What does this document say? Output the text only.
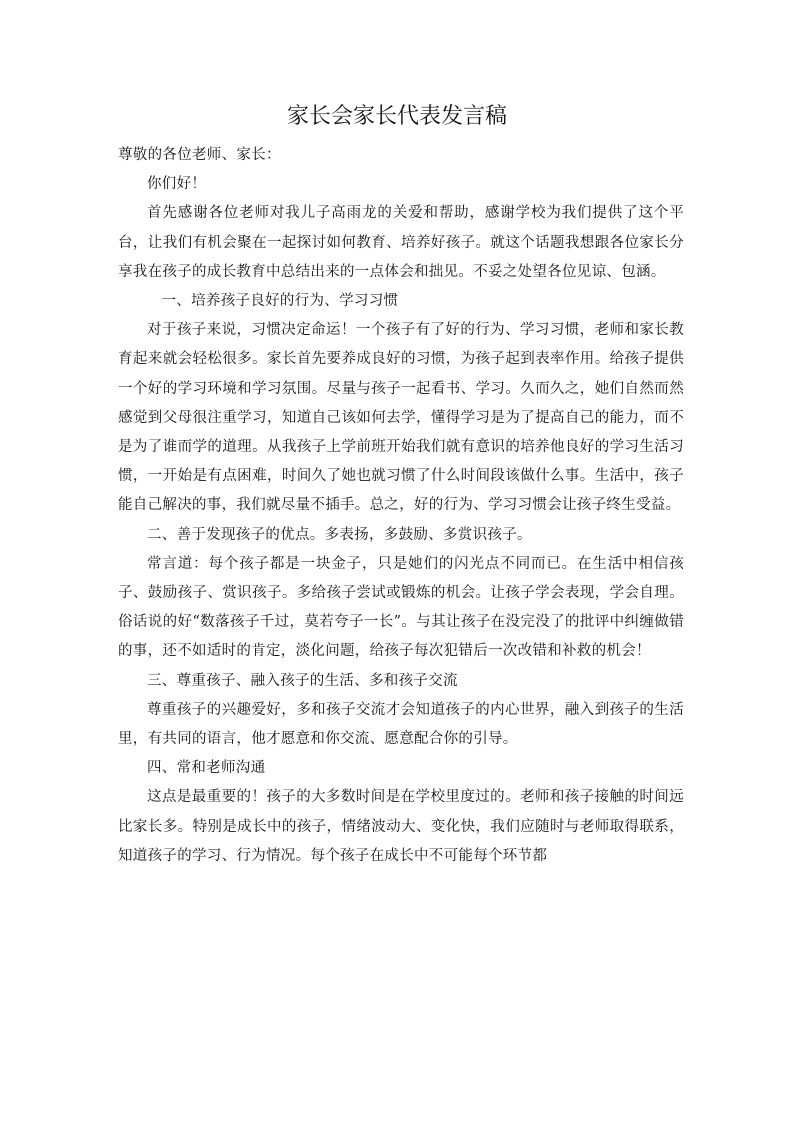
家长会家长代表发言稿

尊敬的各位老师、家长：

你们好！

首先感谢各位老师对我儿子高雨龙的关爱和帮助，感谢学校为我们提供了这个平台，让我们有机会聚在一起探讨如何教育、培养好孩子。就这个话题我想跟各位家长分享我在孩子的成长教育中总结出来的一点体会和拙见。不妥之处望各位见谅、包涵。

一、培养孩子良好的行为、学习习惯

对于孩子来说，习惯决定命运！一个孩子有了好的行为、学习习惯，老师和家长教育起来就会轻松很多。家长首先要养成良好的习惯，为孩子起到表率作用。给孩子提供一个好的学习环境和学习氛围。尽量与孩子一起看书、学习。久而久之，她们自然而然感觉到父母很注重学习，知道自己该如何去学，懂得学习是为了提高自己的能力，而不是为了谁而学的道理。从我孩子上学前班开始我们就有意识的培养他良好的学习生活习惯，一开始是有点困难，时间久了她也就习惯了什么时间段该做什么事。生活中，孩子能自己解决的事，我们就尽量不插手。总之，好的行为、学习习惯会让孩子终生受益。

二、善于发现孩子的优点。多表扬，多鼓励、多赏识孩子。

常言道：每个孩子都是一块金子，只是她们的闪光点不同而已。在生活中相信孩子、鼓励孩子、赏识孩子。多给孩子尝试或锻炼的机会。让孩子学会表现，学会自理。俗话说的好“数落孩子千过，莫若夸子一长”。与其让孩子在没完没了的批评中纠缠做错的事，还不如适时的肯定，淡化问题，给孩子每次犯错后一次改错和补救的机会！

三、尊重孩子、融入孩子的生活、多和孩子交流

尊重孩子的兴趣爱好，多和孩子交流才会知道孩子的内心世界，融入到孩子的生活里，有共同的语言，他才愿意和你交流、愿意配合你的引导。

四、常和老师沟通

这点是最重要的！孩子的大多数时间是在学校里度过的。老师和孩子接触的时间远比家长多。特别是成长中的孩子，情绪波动大、变化快，我们应随时与老师取得联系，知道孩子的学习、行为情况。每个孩子在成长中不可能每个环节都
